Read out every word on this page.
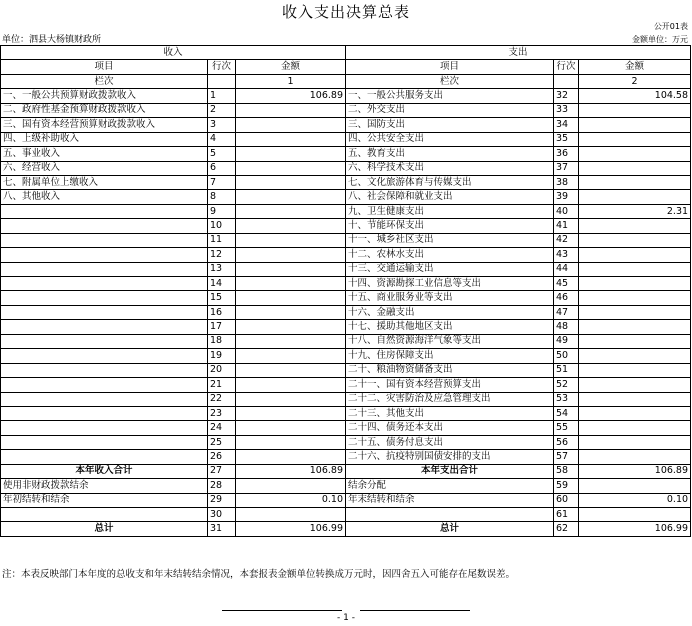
收入支出决算总表
公开01表
单位：泗县大杨镇财政所	金额单位：万元
收入			支出		
项目	行次	金额	项目	行次	金额
栏次		1	栏次		2
一、一般公共预算财政拨款收入	1	106.89	一、一般公共服务支出	32	104.58
二、政府性基金预算财政拨款收入	2		二、外交支出	33	
三、国有资本经营预算财政拨款收入	3		三、国防支出	34	
四、上级补助收入	4		四、公共安全支出	35	
五、事业收入	5		五、教育支出	36	
六、经营收入	6		六、科学技术支出	37	
七、附属单位上缴收入	7		七、文化旅游体育与传媒支出	38	
八、其他收入	8		八、社会保障和就业支出	39	
	9		九、卫生健康支出	40	2.31
	10		十、节能环保支出	41	
	11		十一、城乡社区支出	42	
	12		十二、农林水支出	43	
	13		十三、交通运输支出	44	
	14		十四、资源勘探工业信息等支出	45	
	15		十五、商业服务业等支出	46	
	16		十六、金融支出	47	
	17		十七、援助其他地区支出	48	
	18		十八、自然资源海洋气象等支出	49	
	19		十九、住房保障支出	50	
	20		二十、粮油物资储备支出	51	
	21		二十一、国有资本经营预算支出	52	
	22		二十二、灾害防治及应急管理支出	53	
	23		二十三、其他支出	54	
	24		二十四、债务还本支出	55	
	25		二十五、债务付息支出	56	
	26		二十六、抗疫特别国债安排的支出	57	
本年收入合计	27	106.89	本年支出合计	58	106.89
使用非财政拨款结余	28		结余分配	59	
年初结转和结余	29	0.10	年末结转和结余	60	0.10
	30			61	
总计	31	106.99	总计	62	106.99
注：本表反映部门本年度的总收支和年末结转结余情况，本套报表金额单位转换成万元时，因四舍五入可能存在尾数误差。
- 1 -
